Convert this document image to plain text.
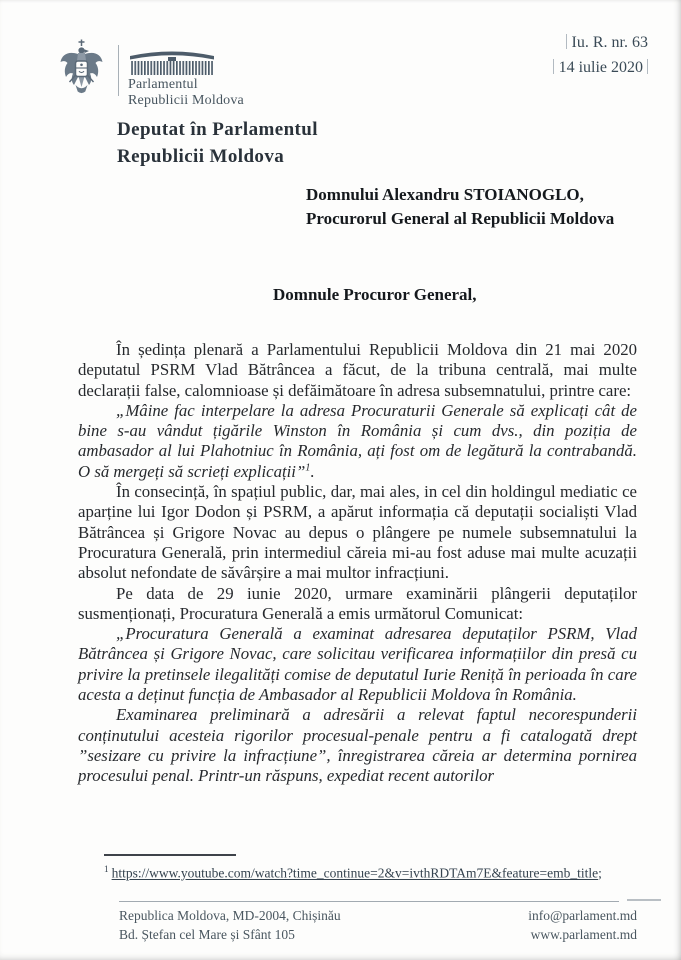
Parlamentul
Republicii Moldova
Iu. R. nr. 63
14 iulie 2020
Deputat în Parlamentul
Republicii Moldova
Domnului Alexandru STOIANOGLO,
Procurorul General al Republicii Moldova
Domnule Procuror General,

În ședința plenară a Parlamentului Republicii Moldova din 21 mai 2020 deputatul PSRM Vlad Bătrâncea a făcut, de la tribuna centrală, mai multe declarații false, calomnioase și defăimătoare în adresa subsemnatului, printre care:

„Mâine fac interpelare la adresa Procuraturii Generale să explicați cât de bine s-au vândut țigările Winston în România și cum dvs., din poziția de ambasador al lui Plahotniuc în România, ați fost om de legătură la contrabandă. O să mergeți să scrieți explicații”$^1$.

În consecință, în spațiul public, dar, mai ales, in cel din holdingul mediatic ce aparține lui Igor Dodon și PSRM, a apărut informația că deputații socialiști Vlad Bătrâncea și Grigore Novac au depus o plângere pe numele subsemnatului la Procuratura Generală, prin intermediul căreia mi-au fost aduse mai multe acuzații absolut nefondate de săvârșire a mai multor infracțiuni.

Pe data de 29 iunie 2020, urmare examinării plângerii deputaților susmenționați, Procuratura Generală a emis următorul Comunicat:

„Procuratura Generală a examinat adresarea deputaților PSRM, Vlad Bătrâncea și Grigore Novac, care solicitau verificarea informațiilor din presă cu privire la pretinsele ilegalități comise de deputatul Iurie Reniță în perioada în care acesta a deținut funcția de Ambasador al Republicii Moldova în România.

Examinarea preliminară a adresării a relevat faptul necorespunderii conținutului acesteia rigorilor procesual-penale pentru a fi catalogată drept ”sesizare cu privire la infracțiune”, înregistrarea căreia ar determina pornirea procesului penal. Printr-un răspuns, expediat recent autorilor

$^1$ https://www.youtube.com/watch?time_continue=2&v=ivthRDTAm7E&feature=emb_title;
Republica Moldova, MD-2004, Chișinău
Bd. Ștefan cel Mare și Sfânt 105
info@parlament.md
www.parlament.md
